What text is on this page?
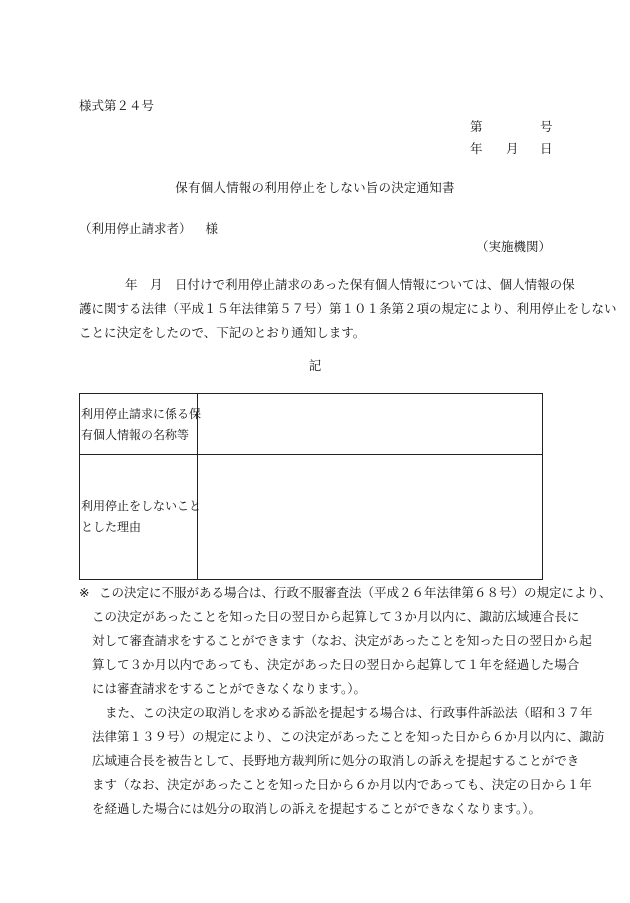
様式第２４号
第	号
年 月 日
保有個人情報の利用停止をしない旨の決定通知書
（利用停止請求者） 様
（実施機関）
年　月　日付けで利用停止請求のあった保有個人情報については、個人情報の保
護に関する法律（平成１５年法律第５７号）第１０１条第２項の規定により、利用停止をしない
ことに決定をしたので、下記のとおり通知します。
記
利用停止請求に係る保
有個人情報の名称等
利用停止をしないこと
とした理由
※ この決定に不服がある場合は、行政不服審査法（平成２６年法律第６８号）の規定により、
この決定があったことを知った日の翌日から起算して３か月以内に、諏訪広域連合長に
対して審査請求をすることができます（なお、決定があったことを知った日の翌日から起
算して３か月以内であっても、決定があった日の翌日から起算して１年を経過した場合
には審査請求をすることができなくなります。）。
また、この決定の取消しを求める訴訟を提起する場合は、行政事件訴訟法（昭和３７年
法律第１３９号）の規定により、この決定があったことを知った日から６か月以内に、諏訪
広域連合長を被告として、長野地方裁判所に処分の取消しの訴えを提起することができ
ます（なお、決定があったことを知った日から６か月以内であっても、決定の日から１年
を経過した場合には処分の取消しの訴えを提起することができなくなります。）。
